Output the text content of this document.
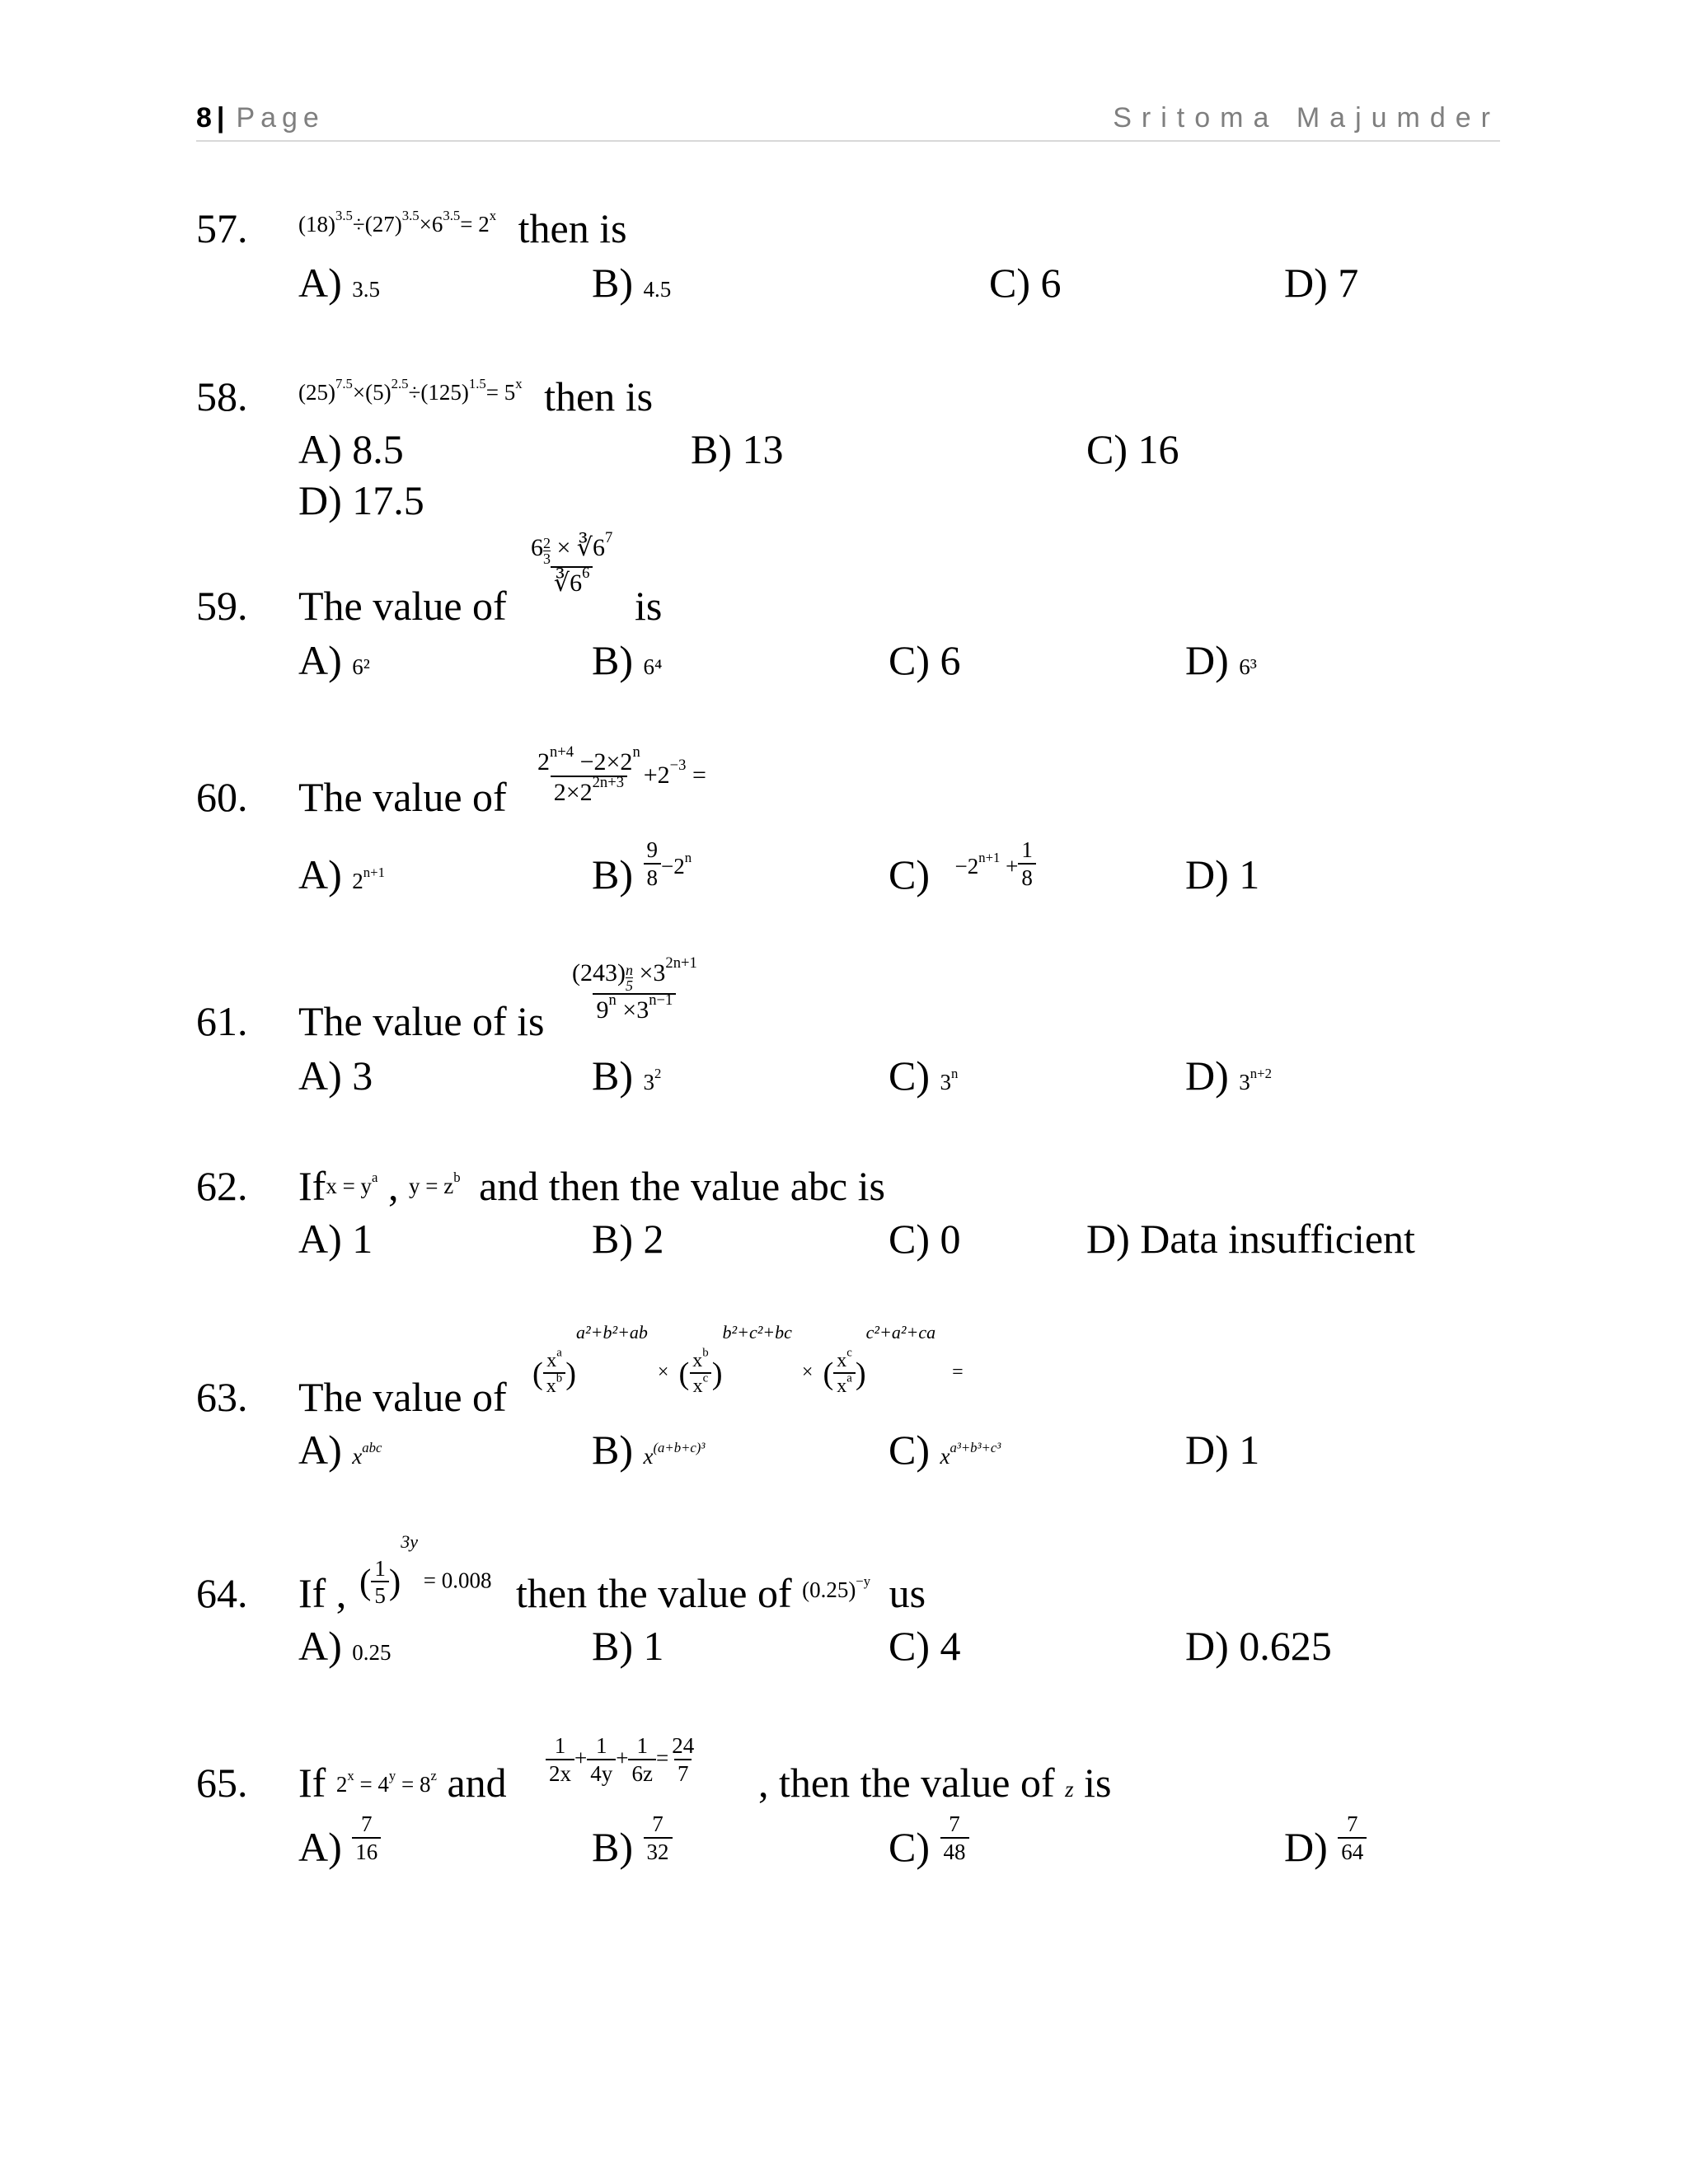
8 | Page	Sritoma Majumder
57. $(18)^{3.5}\div(27)^{3.5}\times 6^{3.5}= 2^x$ then is
A) 3.5	B) 4.5	C) 6	D) 7
58. $(25)^{7.5}\times(5)^{2.5}\div(125)^{1.5}= 5^x$ then is
A) 8.5	B) 13	C) 16
D) 17.5
59. The value of
$\frac{6 \frac{2}{3} \times ∛6^7}{∛6^6}$
is
A) 6²	B) 6⁴	C) 6	D) 6³
60. The value of $\frac{2^{n+4} -2\times 2^n}{2\times 2^{2n+3}} +2^{-3}$ =
A) $2^{n+1}$	$B) \frac{9}{8} ^{-2^n}$	C) $^{-2^{n+1} +} \frac{1}{8}$	D) 1
61. The value of is $\frac{(243) \frac{n}{5} \times 3^{2n+1}}{9^n \times 3^{n-1}}$
A) 3	B) $3^2$	C) 3$^n$	D) $3^{n+2}$
62. Ifx = $y^a$ , $y = z^b$ and then the value abc is
A) 1	B) 2	C) 0	D) Data insufficient
63. The value of
( $\frac{x^a}{x^b} )a^2+b^2+ab$ × ( $\frac{x^b}{x^c} )b^2+c^2+bc$ × ( $\frac{x^c}{x^a} )c^2+a^2+ca$ =
A) $x^{abc}$	B) $x^{(a+b+c)^3}$	C) $x^{a^3+b^3+c^3}$	D) 1
64. If , ( $\frac{1}{5} )^{3y} = 0.008$ then the value of $^{(0.25)^{-y}}$ us
A) 0.25	B) 1	C) 4	D) 0.625
65. If $2^x = 4^y = 8^z$ and $\frac{1}{2x} + \frac{1}{4y} + \frac{1}{6z} = \frac{24}{7}$ , then the value of z is
$A) \frac{7}{16}$	$B) \frac{7}{32}$	$C) \frac{7}{48}$	$D) \frac{7}{64}$
